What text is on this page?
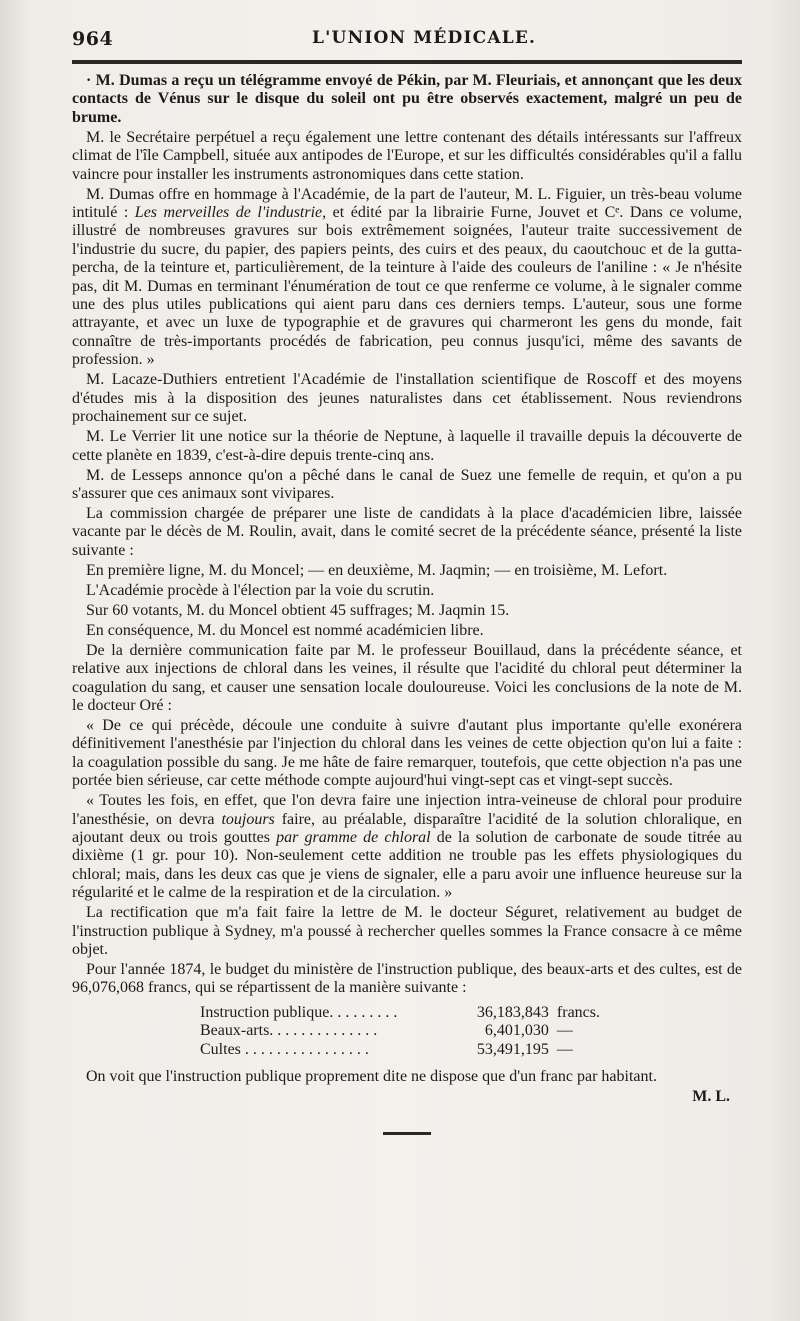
964	L'UNION MÉDICALE.

· M. Dumas a reçu un télégramme envoyé de Pékin, par M. Fleuriais, et annonçant que les deux contacts de Vénus sur le disque du soleil ont pu être observés exactement, malgré un peu de brume.

M. le Secrétaire perpétuel a reçu également une lettre contenant des détails intéressants sur l'affreux climat de l'île Campbell, située aux antipodes de l'Europe, et sur les difficultés considérables qu'il a fallu vaincre pour installer les instruments astronomiques dans cette station.

M. Dumas offre en hommage à l'Académie, de la part de l'auteur, M. L. Figuier, un très-beau volume intitulé : Les merveilles de l'industrie, et édité par la librairie Furne, Jouvet et Cᵉ. Dans ce volume, illustré de nombreuses gravures sur bois extrêmement soignées, l'auteur traite successivement de l'industrie du sucre, du papier, des papiers peints, des cuirs et des peaux, du caoutchouc et de la gutta-percha, de la teinture et, particulièrement, de la teinture à l'aide des couleurs de l'aniline : « Je n'hésite pas, dit M. Dumas en terminant l'énumération de tout ce que renferme ce volume, à le signaler comme une des plus utiles publications qui aient paru dans ces derniers temps. L'auteur, sous une forme attrayante, et avec un luxe de typographie et de gravures qui charmeront les gens du monde, fait connaître de très-importants procédés de fabrication, peu connus jusqu'ici, même des savants de profession. »

M. Lacaze-Duthiers entretient l'Académie de l'installation scientifique de Roscoff et des moyens d'études mis à la disposition des jeunes naturalistes dans cet établissement. Nous reviendrons prochainement sur ce sujet.

M. Le Verrier lit une notice sur la théorie de Neptune, à laquelle il travaille depuis la découverte de cette planète en 1839, c'est-à-dire depuis trente-cinq ans.

M. de Lesseps annonce qu'on a pêché dans le canal de Suez une femelle de requin, et qu'on a pu s'assurer que ces animaux sont vivipares.

La commission chargée de préparer une liste de candidats à la place d'académicien libre, laissée vacante par le décès de M. Roulin, avait, dans le comité secret de la précédente séance, présenté la liste suivante :

En première ligne, M. du Moncel; — en deuxième, M. Jaqmin; — en troisième, M. Lefort.

L'Académie procède à l'élection par la voie du scrutin.

Sur 60 votants, M. du Moncel obtient 45 suffrages; M. Jaqmin 15.

En conséquence, M. du Moncel est nommé académicien libre.

De la dernière communication faite par M. le professeur Bouillaud, dans la précédente séance, et relative aux injections de chloral dans les veines, il résulte que l'acidité du chloral peut déterminer la coagulation du sang, et causer une sensation locale douloureuse. Voici les conclusions de la note de M. le docteur Oré :

« De ce qui précède, découle une conduite à suivre d'autant plus importante qu'elle exonérera définitivement l'anesthésie par l'injection du chloral dans les veines de cette objection qu'on lui a faite : la coagulation possible du sang. Je me hâte de faire remarquer, toutefois, que cette objection n'a pas une portée bien sérieuse, car cette méthode compte aujourd'hui vingt-sept cas et vingt-sept succès.

« Toutes les fois, en effet, que l'on devra faire une injection intra-veineuse de chloral pour produire l'anesthésie, on devra toujours faire, au préalable, disparaître l'acidité de la solution chloralique, en ajoutant deux ou trois gouttes par gramme de chloral de la solution de carbonate de soude titrée au dixième (1 gr. pour 10). Non-seulement cette addition ne trouble pas les effets physiologiques du chloral; mais, dans les deux cas que je viens de signaler, elle a paru avoir une influence heureuse sur la régularité et le calme de la respiration et de la circulation. »

La rectification que m'a fait faire la lettre de M. le docteur Séguret, relativement au budget de l'instruction publique à Sydney, m'a poussé à rechercher quelles sommes la France consacre à ce même objet.

Pour l'année 1874, le budget du ministère de l'instruction publique, des beaux-arts et des cultes, est de 96,076,068 francs, qui se répartissent de la manière suivante :

Instruction publique. . . . . . . . .	36,183,843 francs.
Beaux-arts. . . . . . . . . . . . . .	6,401,030 —
Cultes . . . . . . . . . . . . . . . .	53,491,195 —

On voit que l'instruction publique proprement dite ne dispose que d'un franc par habitant.

M. L.
